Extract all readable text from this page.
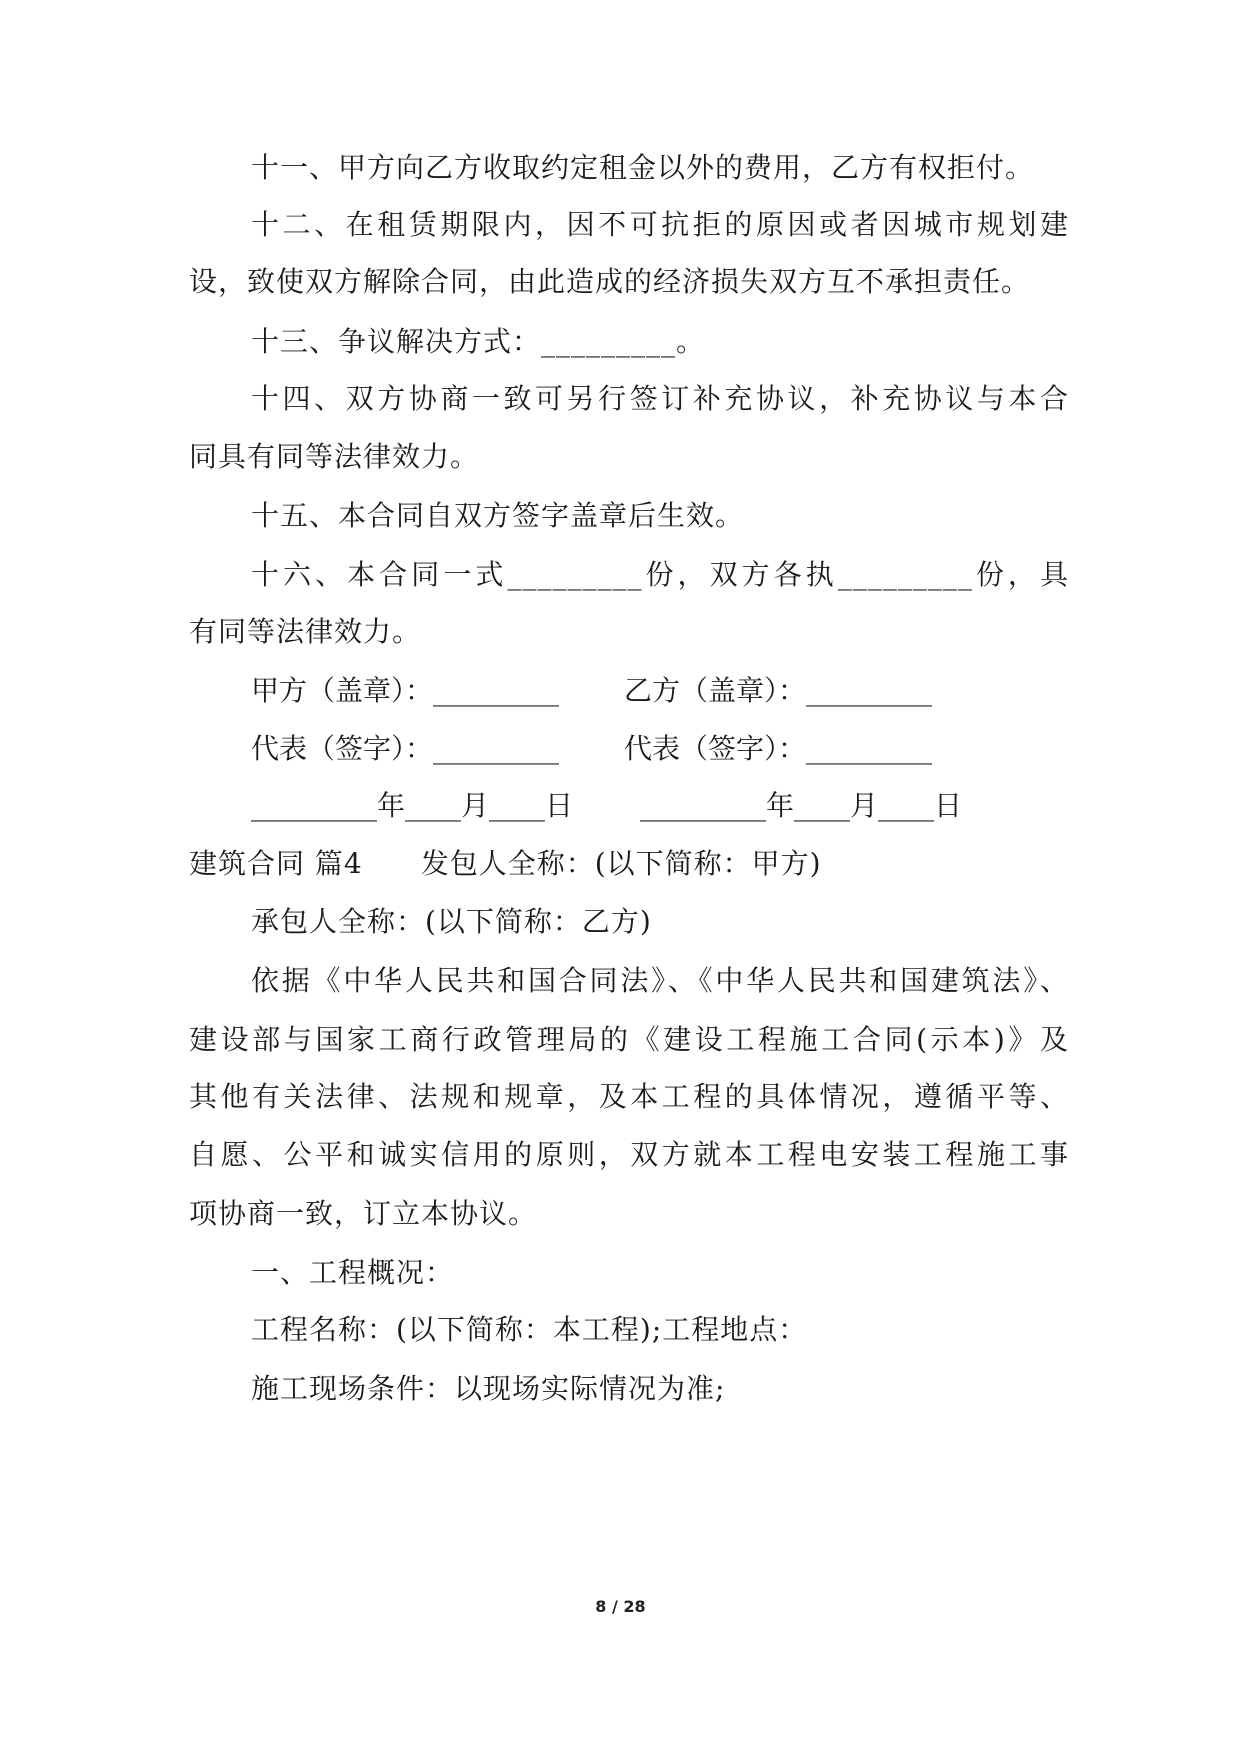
十一、甲方向乙方收取约定租金以外的费用，乙方有权拒付。
十二、在租赁期限内，因不可抗拒的原因或者因城市规划建
设，致使双方解除合同，由此造成的经济损失双方互不承担责任。
十三、争议解决方式：_________。
十四、双方协商一致可另行签订补充协议，补充协议与本合
同具有同等法律效力。
十五、本合同自双方签字盖章后生效。
十六、本合同一式_________份，双方各执_________份，具
有同等法律效力。
甲方（盖章）：_________ 乙方（盖章）：_________
代表（签字）：_________ 代表（签字）：_________
_________年____月____日 _________年____月____日
建筑合同 篇4 发包人全称：(以下简称：甲方)
承包人全称：(以下简称：乙方)
依据《中华人民共和国合同法》、《中华人民共和国建筑法》、
建设部与国家工商行政管理局的《建设工程施工合同(示本)》及
其他有关法律、法规和规章，及本工程的具体情况，遵循平等、
自愿、公平和诚实信用的原则，双方就本工程电安装工程施工事
项协商一致，订立本协议。
一、工程概况：
工程名称：(以下简称：本工程);工程地点：
施工现场条件：以现场实际情况为准;
8 / 28
